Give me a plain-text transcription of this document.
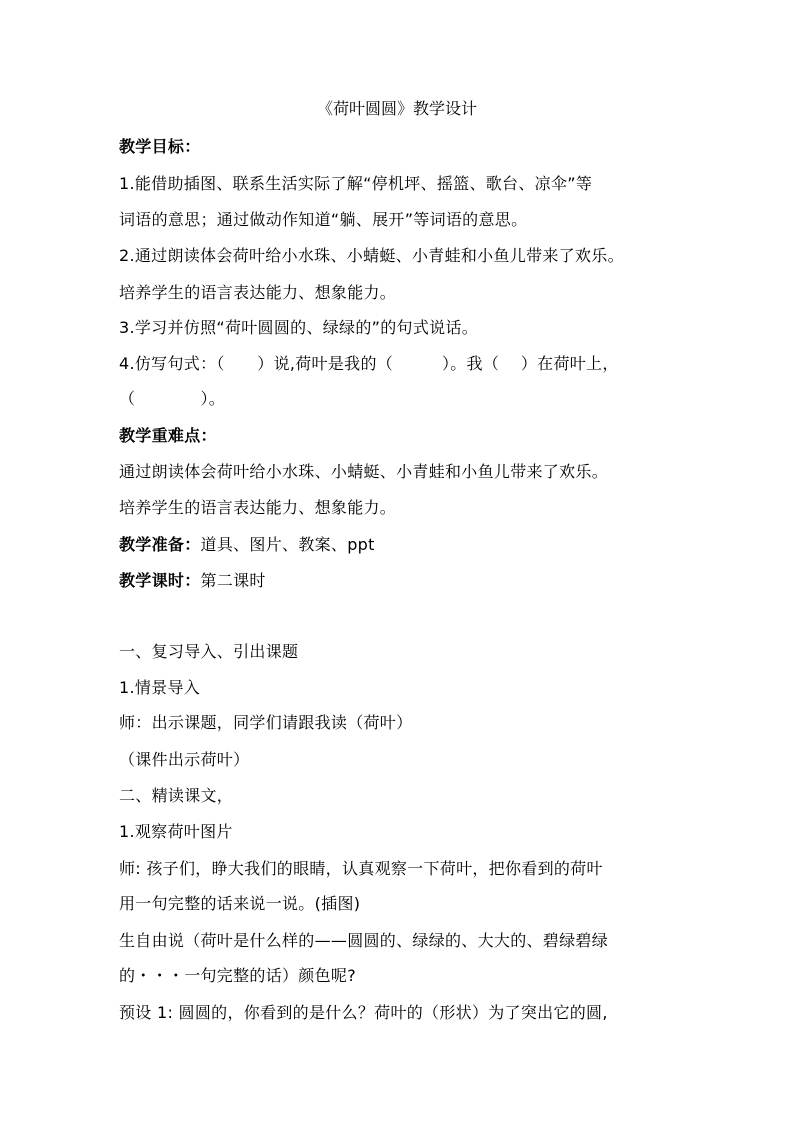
《荷叶圆圆》教学设计
教学目标：
1.能借助插图、联系生活实际了解“停机坪、摇篮、歌台、凉伞”等
词语的意思；通过做动作知道“躺、展开”等词语的意思。
2.通过朗读体会荷叶给小水珠、小蜻蜓、小青蛙和小鱼儿带来了欢乐。
培养学生的语言表达能力、想象能力。
3.学习并仿照“荷叶圆圆的、绿绿的”的句式说话。
4.仿写句式：（　　）说,荷叶是我的（　　　）。我（　 ）在荷叶上，
（　　　　）。
教学重难点：
通过朗读体会荷叶给小水珠、小蜻蜓、小青蛙和小鱼儿带来了欢乐。
培养学生的语言表达能力、想象能力。
教学准备：道具、图片、教案、ppt
教学课时：第二课时
一、复习导入、引出课题
1.情景导入
师：出示课题，同学们请跟我读（荷叶）
（课件出示荷叶）
二、精读课文，
1.观察荷叶图片
师: 孩子们，睁大我们的眼睛，认真观察一下荷叶，把你看到的荷叶
用一句完整的话来说一说。(插图)
生自由说（荷叶是什么样的——圆圆的、绿绿的、大大的、碧绿碧绿
的・・・一句完整的话）颜色呢?
预设 1: 圆圆的，你看到的是什么？荷叶的（形状）为了突出它的圆,
